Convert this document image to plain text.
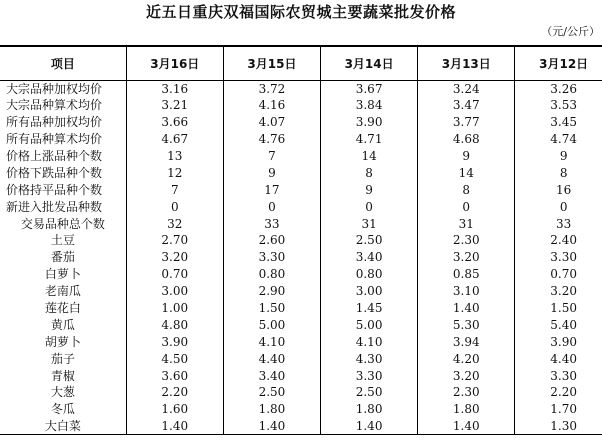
近五日重庆双福国际农贸城主要蔬菜批发价格
（元/公斤）
项目	3月16日	3月15日	3月14日	3月13日	3月12日
大宗品种加权均价	3.16	3.72	3.67	3.24	3.26
大宗品种算术均价	3.21	4.16	3.84	3.47	3.53
所有品种加权均价	3.66	4.07	3.90	3.77	3.45
所有品种算术均价	4.67	4.76	4.71	4.68	4.74
价格上涨品种个数	13	7	14	9	9
价格下跌品种个数	12	9	8	14	8
价格持平品种个数	7	17	9	8	16
新进入批发品种数	0	0	0	0	0
交易品种总个数	32	33	31	31	33
土豆	2.70	2.60	2.50	2.30	2.40
番茄	3.20	3.30	3.40	3.20	3.30
白萝卜	0.70	0.80	0.80	0.85	0.70
老南瓜	3.00	2.90	3.00	3.10	3.20
莲花白	1.00	1.50	1.45	1.40	1.50
黄瓜	4.80	5.00	5.00	5.30	5.40
胡萝卜	3.90	4.10	4.10	3.94	3.90
茄子	4.50	4.40	4.30	4.20	4.40
青椒	3.60	3.40	3.30	3.20	3.30
大葱	2.20	2.50	2.50	2.30	2.20
冬瓜	1.60	1.80	1.80	1.80	1.70
大白菜	1.40	1.40	1.40	1.40	1.30
